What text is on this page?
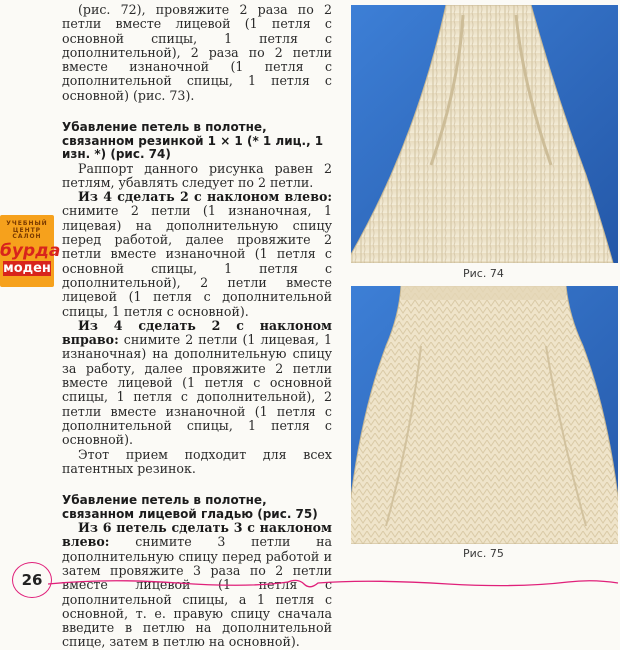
(рис. 72), провяжите 2 раза по 2 петли вместе лицевой (1 петля с основной спицы, 1 петля с дополнительной), 2 раза по 2 петли вместе изнаночной (1 петля с дополнительной спицы, 1 петля с основной) (рис. 73).

Убавление петель в полотне, связанном резинкой 1 × 1 (* 1 лиц., 1 изн. *) (рис. 74)

Раппорт данного рисунка равен 2 петлям, убавлять следует по 2 петли.

Из 4 сделать 2 с наклоном влево: снимите 2 петли (1 изнаночная, 1 лицевая) на дополнительную спицу перед работой, далее провяжите 2 петли вместе изнаночной (1 петля с основной спицы, 1 петля с дополнительной), 2 петли вместе лицевой (1 петля с дополнительной спицы, 1 петля с основной).

Из 4 сделать 2 с наклоном вправо: снимите 2 петли (1 лицевая, 1 изнаночная) на дополнительную спицу за работу, далее провяжите 2 петли вместе лицевой (1 петля с основной спицы, 1 петля с дополнительной), 2 петли вместе изнаночной (1 петля с дополнительной спицы, 1 петля с основной).

Этот прием подходит для всех патентных резинок.

Убавление петель в полотне, связанном лицевой гладью (рис. 75)

Из 6 петель сделать 3 с наклоном влево: снимите 3 петли на дополнительную спицу перед работой и затем провяжите 3 раза по 2 петли вместе лицевой (1 петля с дополнительной спицы, а 1 петля с основной, т. е. правую спицу сначала введите в петлю на дополнительной спице, затем в петлю на основной).

УЧЕБНЫЙ
ЦЕНТР
САЛОН
бурда
моден	Рис. 74
Рис. 75
26
